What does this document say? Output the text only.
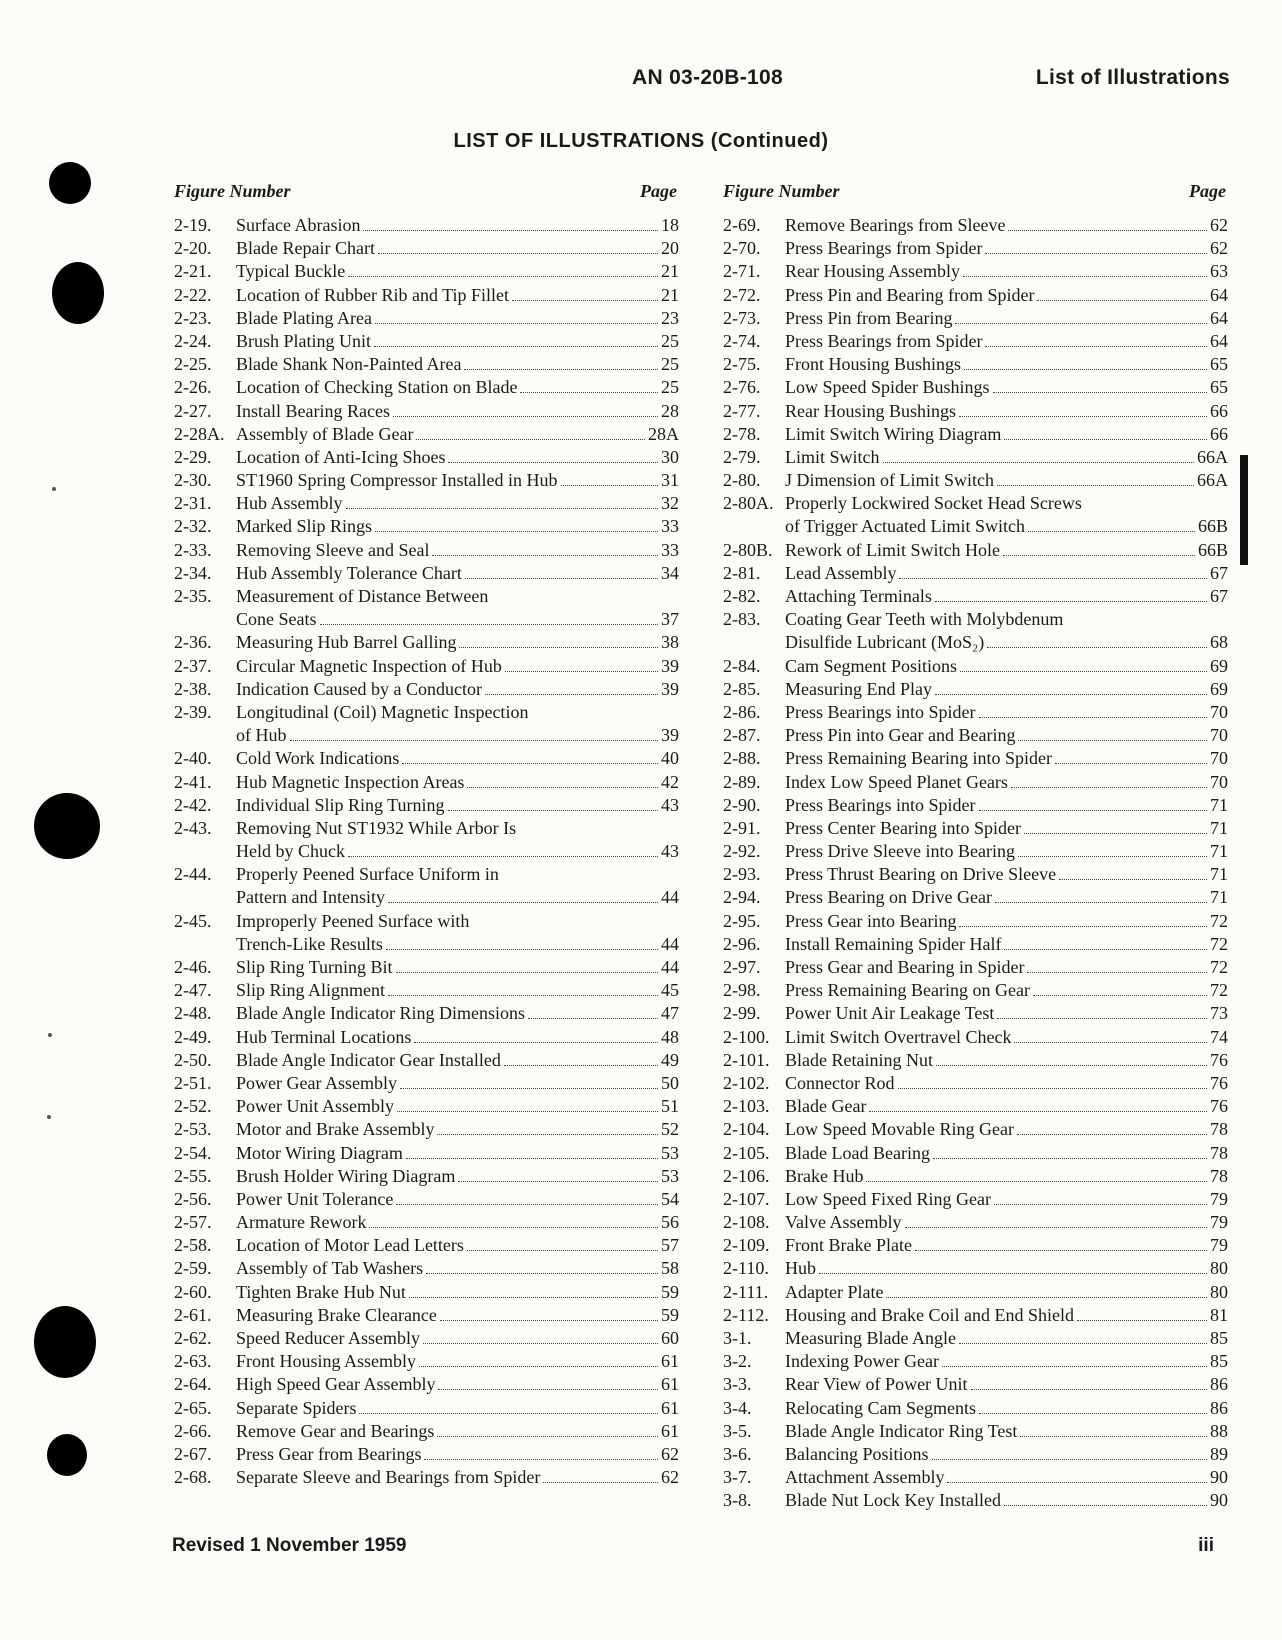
AN 03-20B-108	List of Illustrations
LIST OF ILLUSTRATIONS (Continued)
Figure Number	Page
2-19.	Surface Abrasion	18
2-20.	Blade Repair Chart	20
2-21.	Typical Buckle	21
2-22.	Location of Rubber Rib and Tip Fillet	21
2-23.	Blade Plating Area	23
2-24.	Brush Plating Unit	25
2-25.	Blade Shank Non-Painted Area	25
2-26.	Location of Checking Station on Blade	25
2-27.	Install Bearing Races	28
2-28A. Assembly of Blade Gear	28A
2-29.	Location of Anti-Icing Shoes	30
2-30.	ST1960 Spring Compressor Installed in Hub	31
2-31.	Hub Assembly	32
2-32.	Marked Slip Rings	33
2-33.	Removing Sleeve and Seal	33
2-34.	Hub Assembly Tolerance Chart	34
2-35.	Measurement of Distance Between
Cone Seats	37
2-36.	Measuring Hub Barrel Galling	38
2-37.	Circular Magnetic Inspection of Hub	39
2-38.	Indication Caused by a Conductor	39
2-39.	Longitudinal (Coil) Magnetic Inspection
of Hub	39
2-40.	Cold Work Indications	40
2-41.	Hub Magnetic Inspection Areas	42
2-42.	Individual Slip Ring Turning	43
2-43.	Removing Nut ST1932 While Arbor Is
Held by Chuck	43
2-44.	Properly Peened Surface Uniform in
Pattern and Intensity	44
2-45.	Improperly Peened Surface with
Trench-Like Results	44
2-46.	Slip Ring Turning Bit	44
2-47.	Slip Ring Alignment	45
2-48.	Blade Angle Indicator Ring Dimensions	47
2-49.	Hub Terminal Locations	48
2-50.	Blade Angle Indicator Gear Installed	49
2-51.	Power Gear Assembly	50
2-52.	Power Unit Assembly	51
2-53.	Motor and Brake Assembly	52
2-54.	Motor Wiring Diagram	53
2-55.	Brush Holder Wiring Diagram	53
2-56.	Power Unit Tolerance	54
2-57.	Armature Rework	56
2-58.	Location of Motor Lead Letters	57
2-59.	Assembly of Tab Washers	58
2-60.	Tighten Brake Hub Nut	59
2-61.	Measuring Brake Clearance	59
2-62.	Speed Reducer Assembly	60
2-63.	Front Housing Assembly	61
2-64.	High Speed Gear Assembly	61
2-65.	Separate Spiders	61
2-66.	Remove Gear and Bearings	61
2-67.	Press Gear from Bearings	62
2-68.	Separate Sleeve and Bearings from Spider	62
Figure Number	Page
2-69.	Remove Bearings from Sleeve	62
2-70.	Press Bearings from Spider	62
2-71.	Rear Housing Assembly	63
2-72.	Press Pin and Bearing from Spider	64
2-73.	Press Pin from Bearing	64
2-74.	Press Bearings from Spider	64
2-75.	Front Housing Bushings	65
2-76.	Low Speed Spider Bushings	65
2-77.	Rear Housing Bushings	66
2-78.	Limit Switch Wiring Diagram	66
2-79.	Limit Switch	66A
2-80.	J Dimension of Limit Switch	66A
2-80A. Properly Lockwired Socket Head Screws
of Trigger Actuated Limit Switch	66B
2-80B. Rework of Limit Switch Hole	66B
2-81.	Lead Assembly	67
2-82.	Attaching Terminals	67
2-83.	Coating Gear Teeth with Molybdenum
Disulfide Lubricant (MoS₂)	68
2-84.	Cam Segment Positions	69
2-85.	Measuring End Play	69
2-86.	Press Bearings into Spider	70
2-87.	Press Pin into Gear and Bearing	70
2-88.	Press Remaining Bearing into Spider	70
2-89.	Index Low Speed Planet Gears	70
2-90.	Press Bearings into Spider	71
2-91.	Press Center Bearing into Spider	71
2-92.	Press Drive Sleeve into Bearing	71
2-93.	Press Thrust Bearing on Drive Sleeve	71
2-94.	Press Bearing on Drive Gear	71
2-95.	Press Gear into Bearing	72
2-96.	Install Remaining Spider Half	72
2-97.	Press Gear and Bearing in Spider	72
2-98.	Press Remaining Bearing on Gear	72
2-99.	Power Unit Air Leakage Test	73
2-100. Limit Switch Overtravel Check	74
2-101. Blade Retaining Nut	76
2-102. Connector Rod	76
2-103. Blade Gear	76
2-104. Low Speed Movable Ring Gear	78
2-105. Blade Load Bearing	78
2-106. Brake Hub	78
2-107. Low Speed Fixed Ring Gear	79
2-108. Valve Assembly	79
2-109. Front Brake Plate	79
2-110. Hub	80
2-111. Adapter Plate	80
2-112. Housing and Brake Coil and End Shield	81
3-1.	Measuring Blade Angle	85
3-2.	Indexing Power Gear	85
3-3.	Rear View of Power Unit	86
3-4.	Relocating Cam Segments	86
3-5.	Blade Angle Indicator Ring Test	88
3-6.	Balancing Positions	89
3-7.	Attachment Assembly	90
3-8.	Blade Nut Lock Key Installed	90
Revised 1 November 1959	iii
